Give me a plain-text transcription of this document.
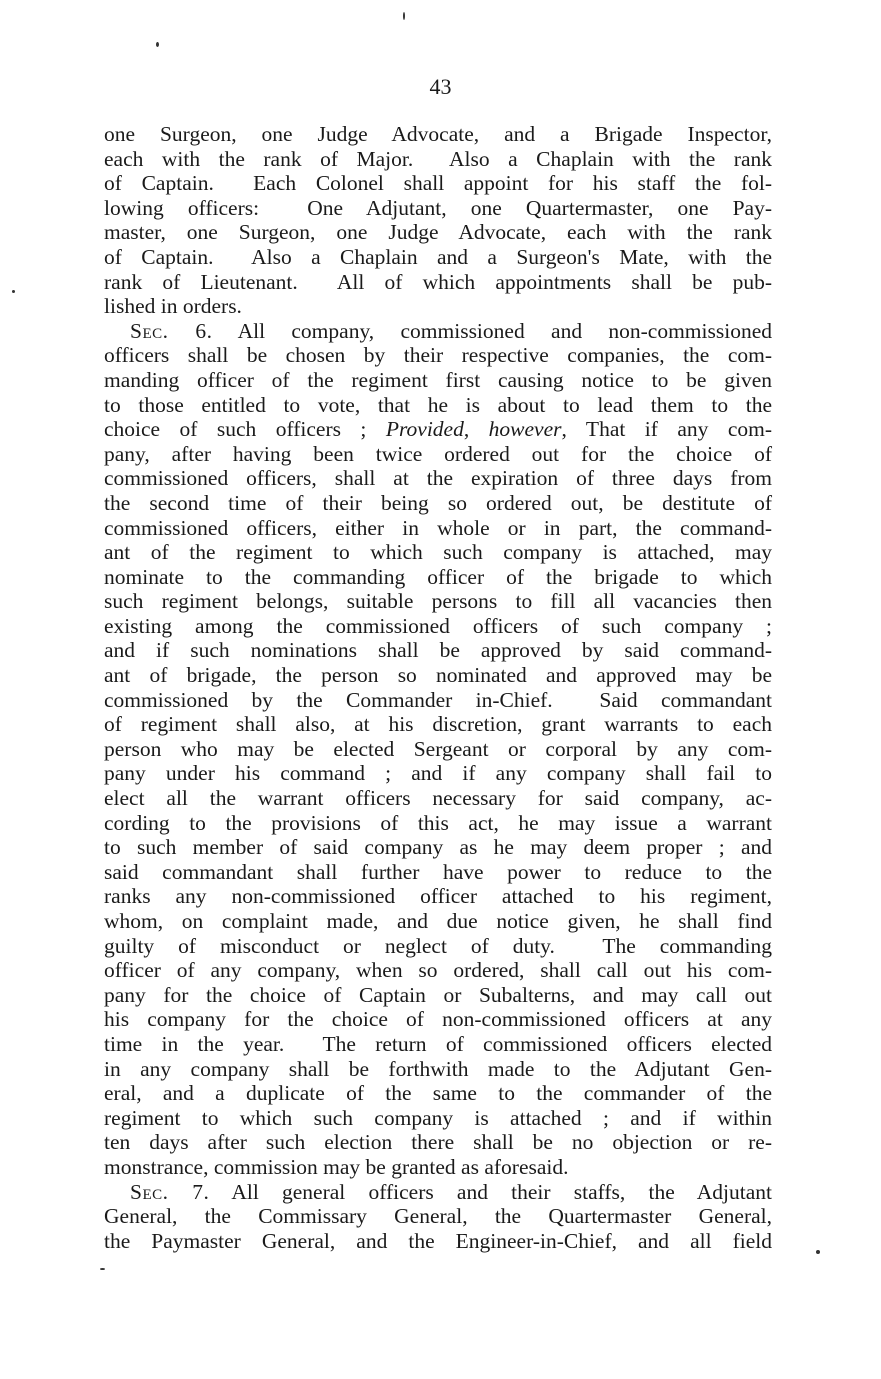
43
one Surgeon, one Judge Advocate, and a Brigade Inspector,
each with the rank of Major.  Also a Chaplain with the rank
of Captain.  Each Colonel shall appoint for his staff the fol-
lowing officers:  One Adjutant, one Quartermaster, one Pay-
master, one Surgeon, one Judge Advocate, each with the rank
of Captain.  Also a Chaplain and a Surgeon's Mate, with the
rank of Lieutenant.  All of which appointments shall be pub-
lished in orders.
Sec. 6. All company, commissioned and non-commissioned
officers shall be chosen by their respective companies, the com-
manding officer of the regiment first causing notice to be given
to those entitled to vote, that he is about to lead them to the
choice of such officers ; Provided, however, That if any com-
pany, after having been twice ordered out for the choice of
commissioned officers, shall at the expiration of three days from
the second time of their being so ordered out, be destitute of
commissioned officers, either in whole or in part, the command-
ant of the regiment to which such company is attached, may
nominate to the commanding officer of the brigade to which
such regiment belongs, suitable persons to fill all vacancies then
existing among the commissioned officers of such company ;
and if such nominations shall be approved by said command-
ant of brigade, the person so nominated and approved may be
commissioned by the Commander in-Chief.  Said commandant
of regiment shall also, at his discretion, grant warrants to each
person who may be elected Sergeant or corporal by any com-
pany under his command ; and if any company shall fail to
elect all the warrant officers necessary for said company, ac-
cording to the provisions of this act, he may issue a warrant
to such member of said company as he may deem proper ; and
said commandant shall further have power to reduce to the
ranks any non-commissioned officer attached to his regiment,
whom, on complaint made, and due notice given, he shall find
guilty of misconduct or neglect of duty.  The commanding
officer of any company, when so ordered, shall call out his com-
pany for the choice of Captain or Subalterns, and may call out
his company for the choice of non-commissioned officers at any
time in the year.  The return of commissioned officers elected
in any company shall be forthwith made to the Adjutant Gen-
eral, and a duplicate of the same to the commander of the
regiment to which such company is attached ; and if within
ten days after such election there shall be no objection or re-
monstrance, commission may be granted as aforesaid.
Sec. 7. All general officers and their staffs, the Adjutant
General, the Commissary General, the Quartermaster General,
the Paymaster General, and the Engineer-in-Chief, and all field
